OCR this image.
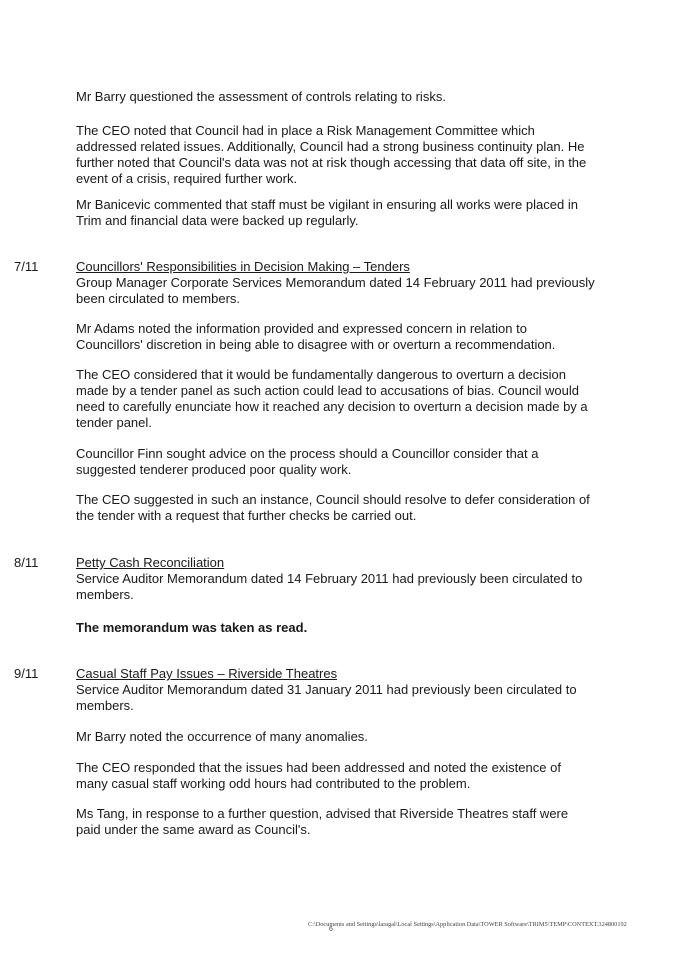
Mr Barry questioned the assessment of controls relating to risks.

The CEO noted that Council had in place a Risk Management Committee which addressed related issues. Additionally, Council had a strong business continuity plan. He further noted that Council's data was not at risk though accessing that data off site, in the event of a crisis, required further work.

Mr Banicevic commented that staff must be vigilant in ensuring all works were placed in Trim and financial data were backed up regularly.

7/11	Councillors' Responsibilities in Decision Making – Tenders

Group Manager Corporate Services Memorandum dated 14 February 2011 had previously been circulated to members.

Mr Adams noted the information provided and expressed concern in relation to Councillors' discretion in being able to disagree with or overturn a recommendation.

The CEO considered that it would be fundamentally dangerous to overturn a decision made by a tender panel as such action could lead to accusations of bias. Council would need to carefully enunciate how it reached any decision to overturn a decision made by a tender panel.

Councillor Finn sought advice on the process should a Councillor consider that a suggested tenderer produced poor quality work.

The CEO suggested in such an instance, Council should resolve to defer consideration of the tender with a request that further checks be carried out.

8/11	Petty Cash Reconciliation

Service Auditor Memorandum dated 14 February 2011 had previously been circulated to members.

The memorandum was taken as read.

9/11	Casual Staff Pay Issues – Riverside Theatres

Service Auditor Memorandum dated 31 January 2011 had previously been circulated to members.

Mr Barry noted the occurrence of many anomalies.

The CEO responded that the issues had been addressed and noted the existence of many casual staff working odd hours had contributed to the problem.

Ms Tang, in response to a further question, advised that Riverside Theatres staff were paid under the same award as Council's.

C:\Documents and Settings\laragal\Local Settings\Application Data\TOWER Software\TRIM5\TEMP\CONTEXT.324800192
6
